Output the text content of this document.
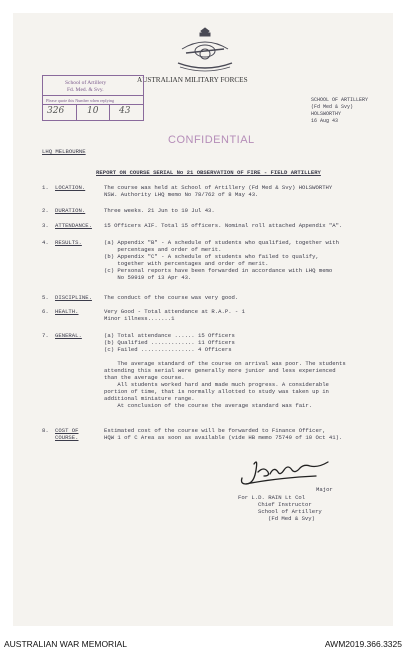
AUSTRALIAN MILITARY FORCES
School of Artillery
Fd. Med. & Svy.
Please quote this Number when replying
326	10 43
SCHOOL OF ARTILLERY
(Fd Med & Svy)
HOLSWORTHY
16 Aug 43
CONFIDENTIAL
LHQ MELBOURNE
REPORT ON COURSE SERIAL No 21 OBSERVATION OF FIRE - FIELD ARTILLERY
1. LOCATION.	The course was held at School of Artillery (Fd Med & Svy) HOLSWORTHY
NSW. Authority LHQ memo No 78/762 of 8 May 43.
2. DURATION.	Three weeks. 21 Jun to 10 Jul 43.
3. ATTENDANCE. 15 Officers AIF. Total 15 officers. Nominal roll attached Appendix "A".
4. RESULTS.	(a) Appendix "B" - A schedule of students who qualified, together with
percentages and order of merit.
(b) Appendix "C" - A schedule of students who failed to qualify,
together with percentages and order of merit.
(c) Personal reports have been forwarded in accordance with LHQ memo
No 59919 of 13 Apr 43.
5. DISCIPLINE. The conduct of the course was very good.
6. HEALTH.	Very Good - Total attendance at R.A.P. - 1
Minor illness.......1
7. GENERAL.	(a) Total attendance ...... 15 Officers
(b) Qualified ............. 11 Officers
(c) Failed ................ 4 Officers
The average standard of the course on arrival was poor. The students
attending this serial were generally more junior and less experienced
than the average course.
All students worked hard and made much progress. A considerable
portion of time, that is normally allotted to study was taken up in
additional miniature range.
At conclusion of the course the average standard was fair.
8. COST OF COURSE.
Estimated cost of the course will be forwarded to Finance Officer,
HQW 1 of C Area as soon as available (vide HB memo 75749 of 10 Oct 41).
Major
For L.D. RAIN Lt Col
Chief Instructor
School of Artillery
(Fd Med & Svy)
AUSTRALIAN WAR MEMORIAL	AWM2019.366.3325
